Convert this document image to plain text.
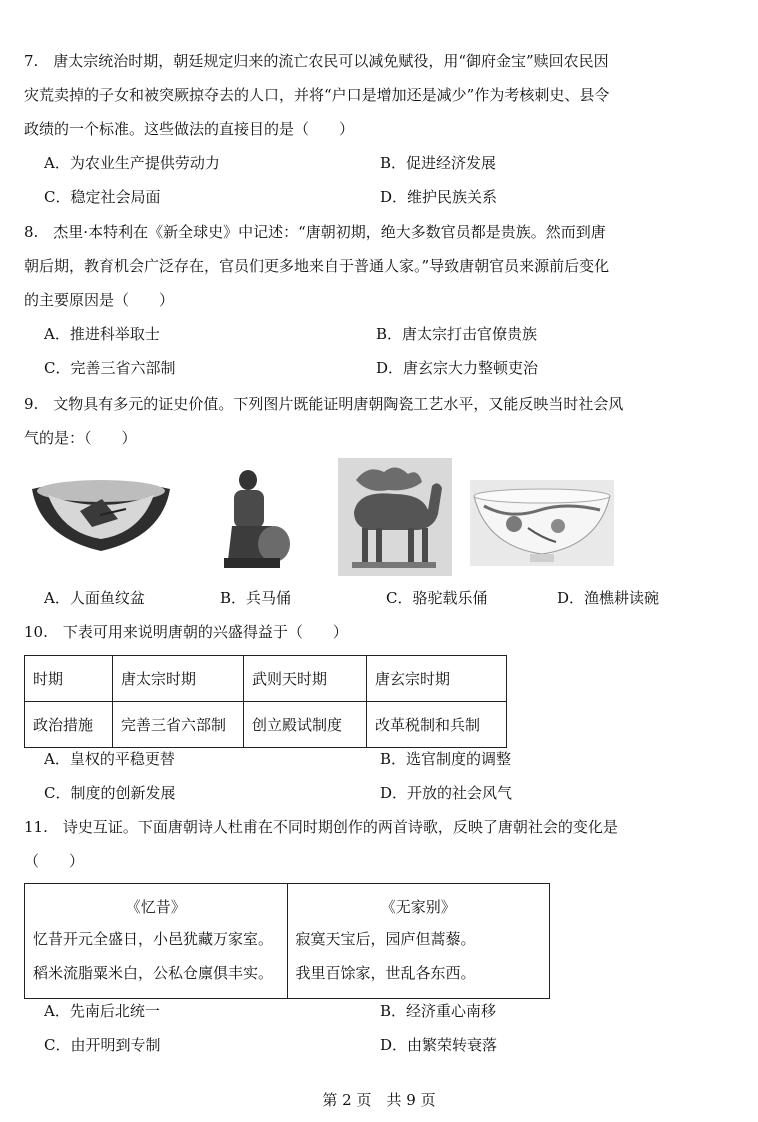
7.　唐太宗统治时期，朝廷规定归来的流亡农民可以减免赋役，用“御府金宝”赎回农民因
灾荒卖掉的子女和被突厥掠夺去的人口，并将“户口是增加还是减少”作为考核刺史、县令
政绩的一个标准。这些做法的直接目的是（　　）
A．为农业生产提供劳动力	B．促进经济发展
C．稳定社会局面	D．维护民族关系
8.　杰里·本特利在《新全球史》中记述：“唐朝初期，绝大多数官员都是贵族。然而到唐
朝后期，教育机会广泛存在，官员们更多地来自于普通人家。”导致唐朝官员来源前后变化
的主要原因是（　　）
A．推进科举取士	B．唐太宗打击官僚贵族
C．完善三省六部制	D．唐玄宗大力整顿吏治
9.　文物具有多元的证史价值。下列图片既能证明唐朝陶瓷工艺水平，又能反映当时社会风
气的是：（　　）
A．人面鱼纹盆	B．兵马俑	C．骆驼载乐俑	D．渔樵耕读碗
10.　下表可用来说明唐朝的兴盛得益于（　　）
时期	唐太宗时期	武则天时期	唐玄宗时期
政治措施	完善三省六部制	创立殿试制度	改革税制和兵制
A．皇权的平稳更替	B．选官制度的调整
C．制度的创新发展	D．开放的社会风气
11.　诗史互证。下面唐朝诗人杜甫在不同时期创作的两首诗歌，反映了唐朝社会的变化是
（　　）
《忆昔》
忆昔开元全盛日，小邑犹藏万家室。
稻米流脂粟米白，公私仓廪俱丰实。
《无家别》
寂寞天宝后，园庐但蒿藜。
我里百馀家，世乱各东西。
A．先南后北统一	B．经济重心南移
C．由开明到专制	D．由繁荣转衰落
第 2 页　共 9 页
